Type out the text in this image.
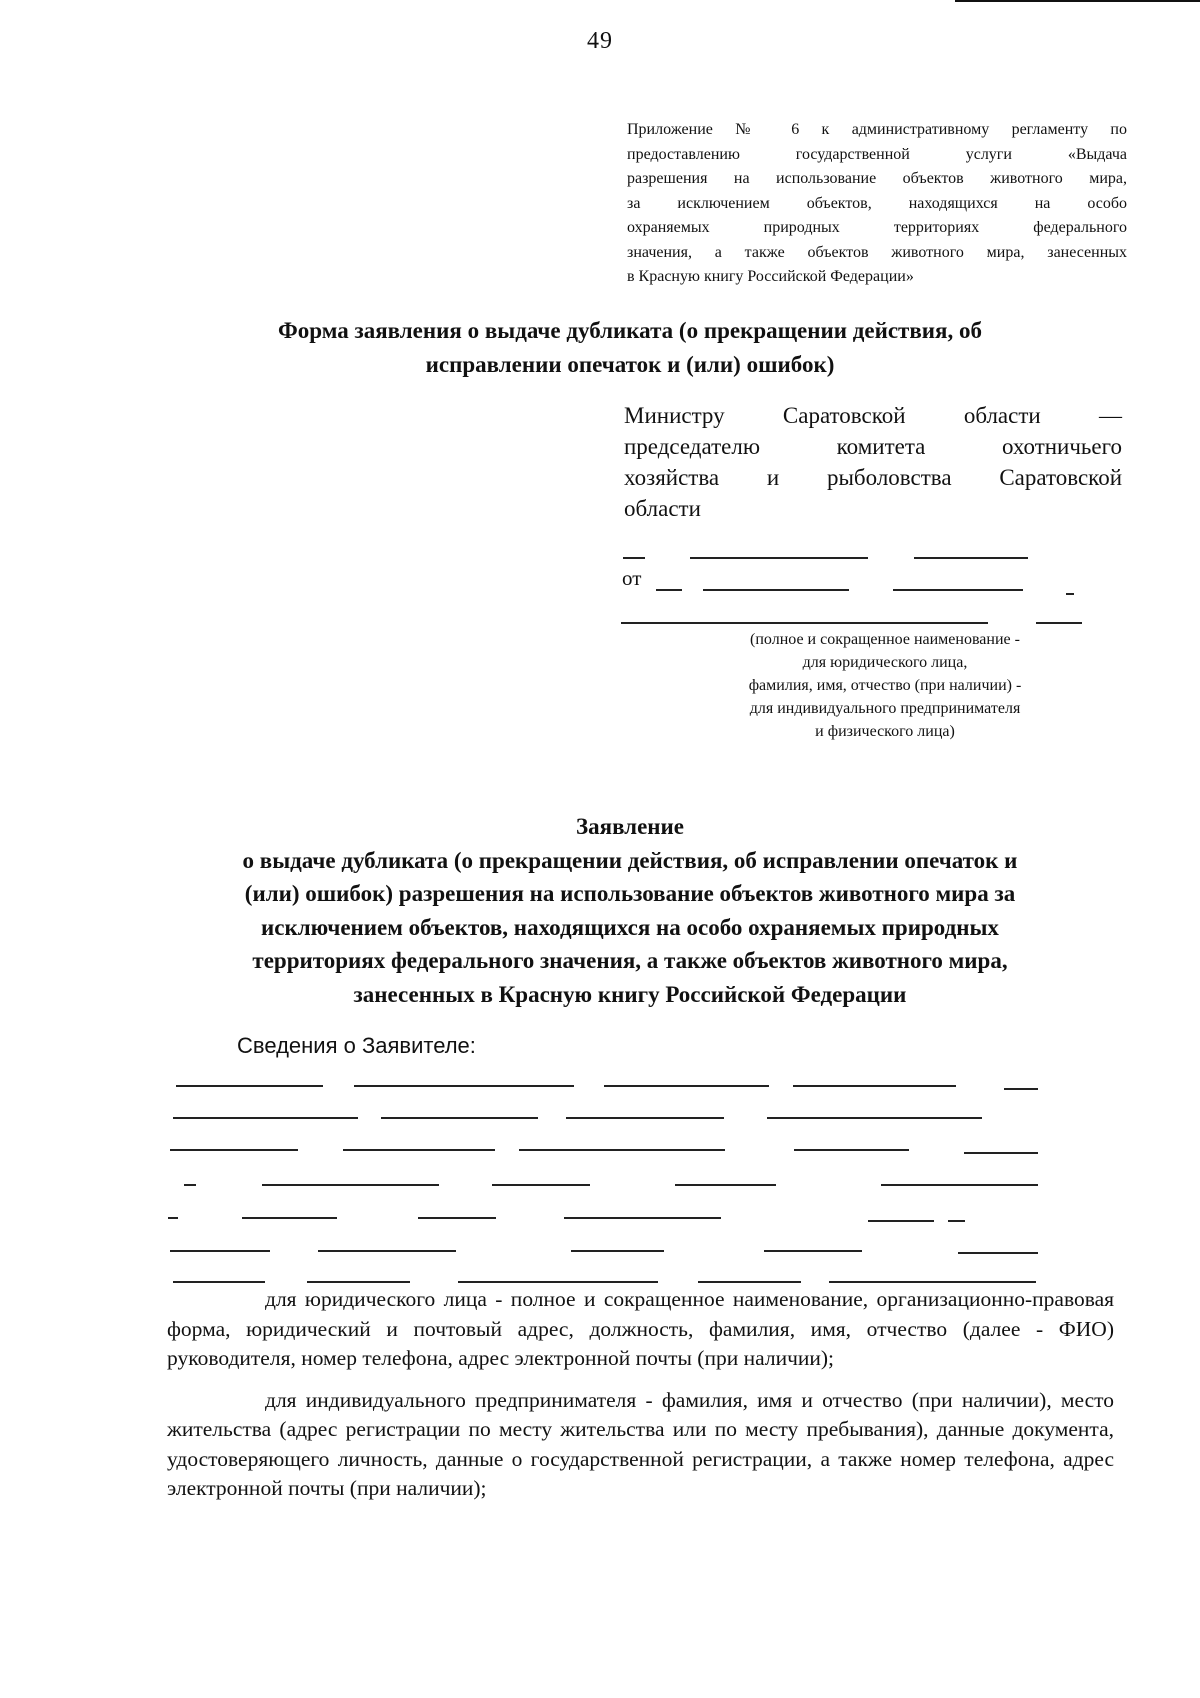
49

Приложение № 6 к административному регламенту по

предоставлению государственной услуги «Выдача

разрешения на использование объектов животного мира,

за исключением объектов, находящихся на особо

охраняемых природных территориях федерального

значения, а также объектов животного мира, занесенных

в Красную книгу Российской Федерации»

Форма заявления о выдаче дубликата (о прекращении действия, об
исправлении опечаток и (или) ошибок)

Министру Саратовской области —

председателю комитета охотничьего

хозяйства и рыболовства Саратовской

области

от

(полное и сокращенное наименование -

для юридического лица,

фамилия, имя, отчество (при наличии) -

для индивидуального предпринимателя

и физического лица)

Заявление

о выдаче дубликата (о прекращении действия, об исправлении опечаток и

(или) ошибок) разрешения на использование объектов животного мира за

исключением объектов, находящихся на особо охраняемых природных

территориях федерального значения, а также объектов животного мира,

занесенных в Красную книгу Российской Федерации

Сведения о Заявителе:

для юридического лица - полное и сокращенное наименование, организационно-правовая форма, юридический и почтовый адрес, должность, фамилия, имя, отчество (далее - ФИО) руководителя, номер телефона, адрес электронной почты (при наличии);

для индивидуального предпринимателя - фамилия, имя и отчество (при наличии), место жительства (адрес регистрации по месту жительства или по месту пребывания), данные документа, удостоверяющего личность, данные о государственной регистрации, а также номер телефона, адрес электронной почты (при наличии);
